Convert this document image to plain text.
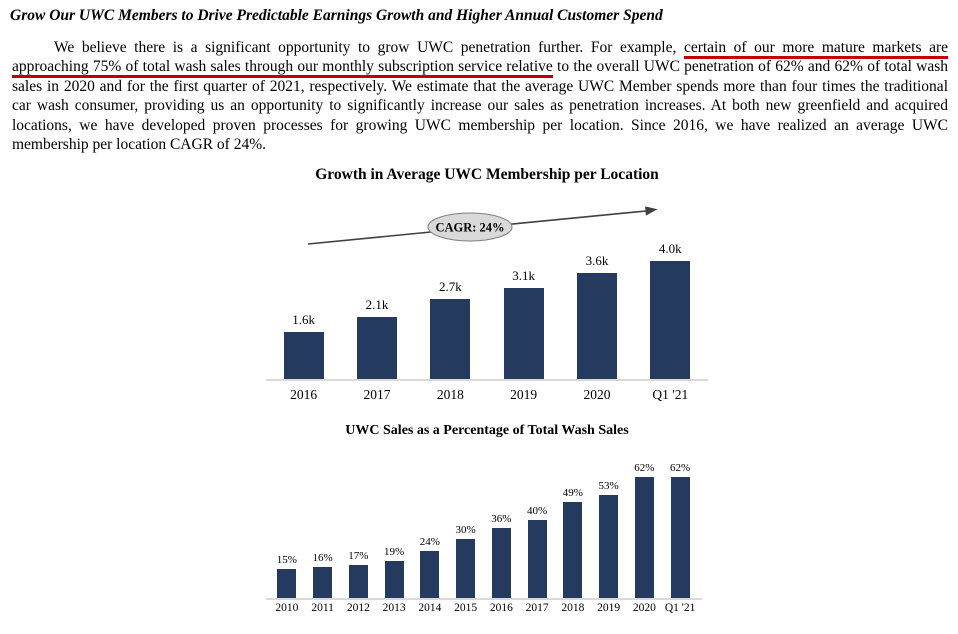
Grow Our UWC Members to Drive Predictable Earnings Growth and Higher Annual Customer Spend

We believe there is a significant opportunity to grow UWC penetration further. For example, certain of our more mature markets are approaching 75% of total wash sales through our monthly subscription service relative to the overall UWC penetration of 62% and 62% of total wash sales in 2020 and for the first quarter of 2021, respectively. We estimate that the average UWC Member spends more than four times the traditional car wash consumer, providing us an opportunity to significantly increase our sales as penetration increases. At both new greenfield and acquired locations, we have developed proven processes for growing UWC membership per location. Since 2016, we have realized an average UWC membership per location CAGR of 24%.

Growth in Average UWC Membership per Location
CAGR: 24%
1.6k
2.1k
2.7k
3.1k
3.6k
4.0k
2016	2017	2018	2019	2020	Q1 '21
UWC Sales as a Percentage of Total Wash Sales
15% 16% 17% 19%
24%
30%
36%
40%
49%
53%
62% 62%
2010	2011	2012	2013	2014	2015	2016	2017	2018	2019	2020 Q1 '21
